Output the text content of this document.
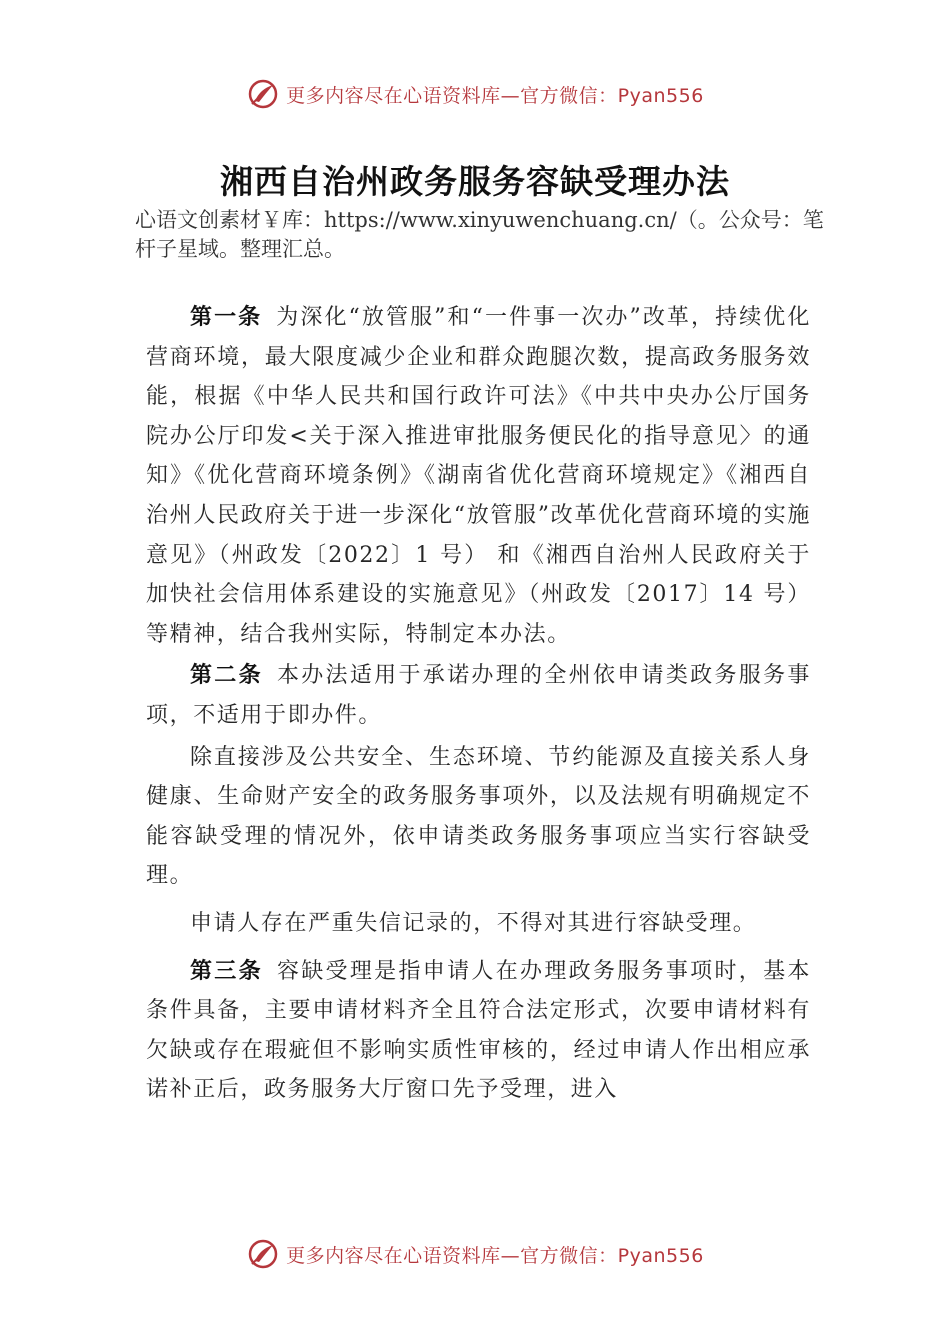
更多内容尽在心语资料库—官方微信：Pyan556
湘西自治州政务服务容缺受理办法
心语文创素材￥库：https://www.xinyuwenchuang.cn/（。公众号：笔杆子星域。整理汇总。

第一条 为深化“放管服”和“一件事一次办”改革，持续优化营商环境，最大限度减少企业和群众跑腿次数，提高政务服务效能，根据《中华人民共和国行政许可法》《中共中央办公厅国务院办公厅印发<关于深入推进审批服务便民化的指导意见〉的通知》《优化营商环境条例》《湖南省优化营商环境规定》《湘西自治州人民政府关于进一步深化“放管服”改革优化营商环境的实施意见》（州政发〔2022〕1 号） 和《湘西自治州人民政府关于加快社会信用体系建设的实施意见》（州政发〔2017〕14 号）等精神，结合我州实际，特制定本办法。

第二条 本办法适用于承诺办理的全州依申请类政务服务事项，不适用于即办件。

除直接涉及公共安全、生态环境、节约能源及直接关系人身健康、生命财产安全的政务服务事项外，以及法规有明确规定不能容缺受理的情况外，依申请类政务服务事项应当实行容缺受理。

申请人存在严重失信记录的，不得对其进行容缺受理。

第三条 容缺受理是指申请人在办理政务服务事项时，基本条件具备，主要申请材料齐全且符合法定形式，次要申请材料有欠缺或存在瑕疵但不影响实质性审核的，经过申请人作出相应承诺补正后，政务服务大厅窗口先予受理，进入

更多内容尽在心语资料库—官方微信：Pyan556
